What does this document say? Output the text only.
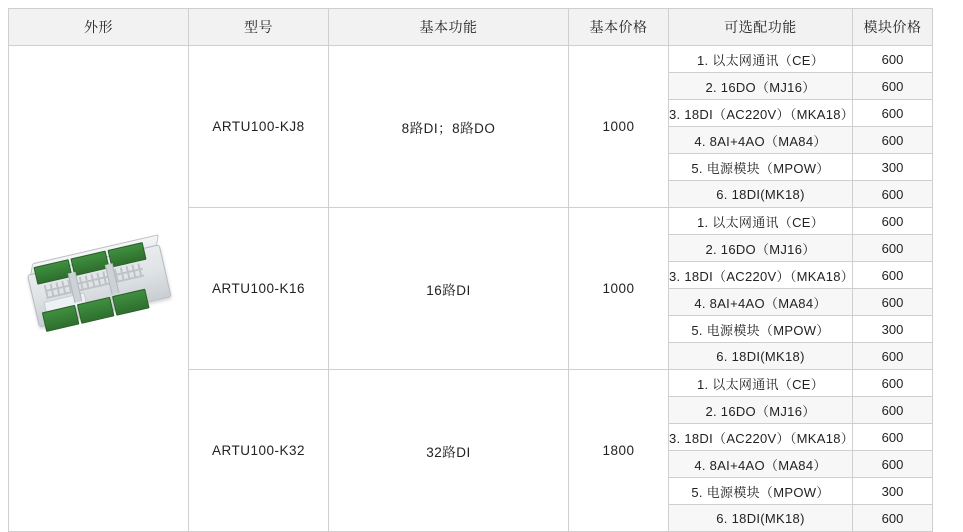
外形	型号	基本功能	基本价格	可选配功能	模块价格

	ARTU100-KJ8	8路DI；8路DO	1000	1. 以太网通讯（CE）	600
				2. 16DO（MJ16）	600
				3. 18DI（AC220V）（MKA18）	600
				4. 8AI+4AO（MA84）	600
				5. 电源模块（MPOW）	300
				6. 18DI(MK18)	600
	ARTU100-K16	16路DI	1000	1. 以太网通讯（CE）	600
				2. 16DO（MJ16）	600
				3. 18DI（AC220V）（MKA18）	600
				4. 8AI+4AO（MA84）	600
				5. 电源模块（MPOW）	300
				6. 18DI(MK18)	600
	ARTU100-K32	32路DI	1800	1. 以太网通讯（CE）	600
				2. 16DO（MJ16）	600
				3. 18DI（AC220V）（MKA18）	600
				4. 8AI+4AO（MA84）	600
				5. 电源模块（MPOW）	300
				6. 18DI(MK18)	600
